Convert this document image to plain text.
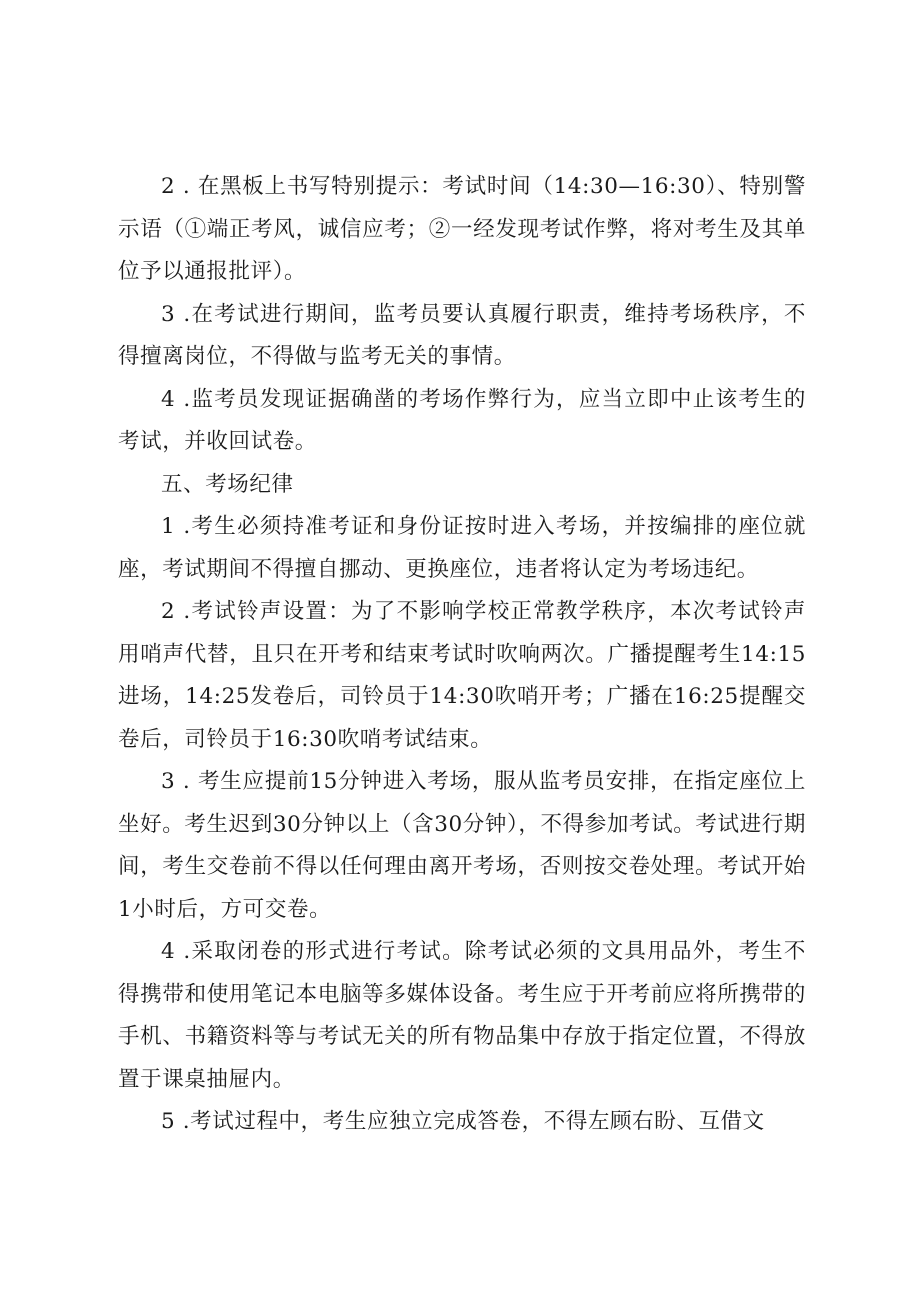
2 . 在黑板上书写特别提示：考试时间（14:30—16:30）、特别警示语（①端正考风，诚信应考；②一经发现考试作弊，将对考生及其单位予以通报批评）。

3 .在考试进行期间，监考员要认真履行职责，维持考场秩序，不得擅离岗位，不得做与监考无关的事情。

4 .监考员发现证据确凿的考场作弊行为，应当立即中止该考生的考试，并收回试卷。

五、考场纪律

1 .考生必须持准考证和身份证按时进入考场，并按编排的座位就座，考试期间不得擅自挪动、更换座位，违者将认定为考场违纪。

2 .考试铃声设置：为了不影响学校正常教学秩序，本次考试铃声用哨声代替，且只在开考和结束考试时吹响两次。广播提醒考生14:15进场，14:25发卷后，司铃员于14:30吹哨开考；广播在16:25提醒交卷后，司铃员于16:30吹哨考试结束。

3 . 考生应提前15分钟进入考场，服从监考员安排，在指定座位上坐好。考生迟到30分钟以上（含30分钟），不得参加考试。考试进行期间，考生交卷前不得以任何理由离开考场，否则按交卷处理。考试开始1小时后，方可交卷。

4 .采取闭卷的形式进行考试。除考试必须的文具用品外，考生不得携带和使用笔记本电脑等多媒体设备。考生应于开考前应将所携带的手机、书籍资料等与考试无关的所有物品集中存放于指定位置，不得放置于课桌抽屉内。

5 .考试过程中，考生应独立完成答卷，不得左顾右盼、互借文
